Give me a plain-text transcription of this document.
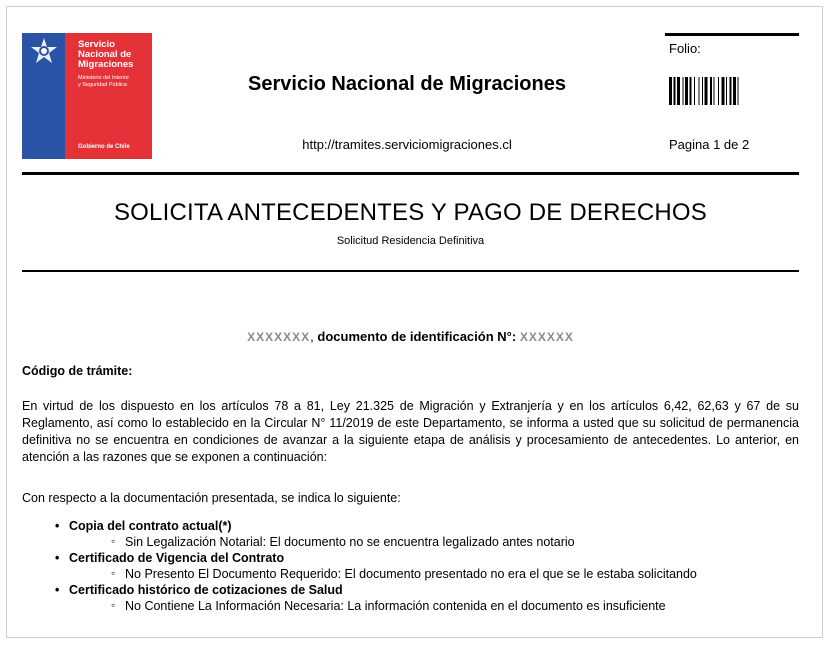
Servicio
Nacional de
Migraciones
Ministerio del Interior
y Seguridad Pública
Gobierno de Chile
Servicio Nacional de Migraciones
http://tramites.serviciomigraciones.cl
Folio:
Pagina 1 de 2
SOLICITA ANTECEDENTES Y PAGO DE DERECHOS
Solicitud Residencia Definitiva
XXXXXXX, documento de identificación N°: XXXXXX
Código de trámite:
En virtud de los dispuesto en los artículos 78 a 81, Ley 21.325 de Migración y Extranjería y en los artículos 6,42, 62,63 y 67 de su Reglamento, así como lo establecido en la Circular N° 11/2019 de este Departamento, se informa a usted que su solicitud de permanencia definitiva no se encuentra en condiciones de avanzar a la siguiente etapa de análisis y procesamiento de antecedentes. Lo anterior, en atención a las razones que se exponen a continuación:
Con respecto a la documentación presentada, se indica lo siguiente:
• Copia del contrato actual(*)
◦ Sin Legalización Notarial: El documento no se encuentra legalizado antes notario
• Certificado de Vigencia del Contrato
◦ No Presento El Documento Requerido: El documento presentado no era el que se le estaba solicitando
• Certificado histórico de cotizaciones de Salud
◦ No Contiene La Información Necesaria: La información contenida en el documento es insuficiente
